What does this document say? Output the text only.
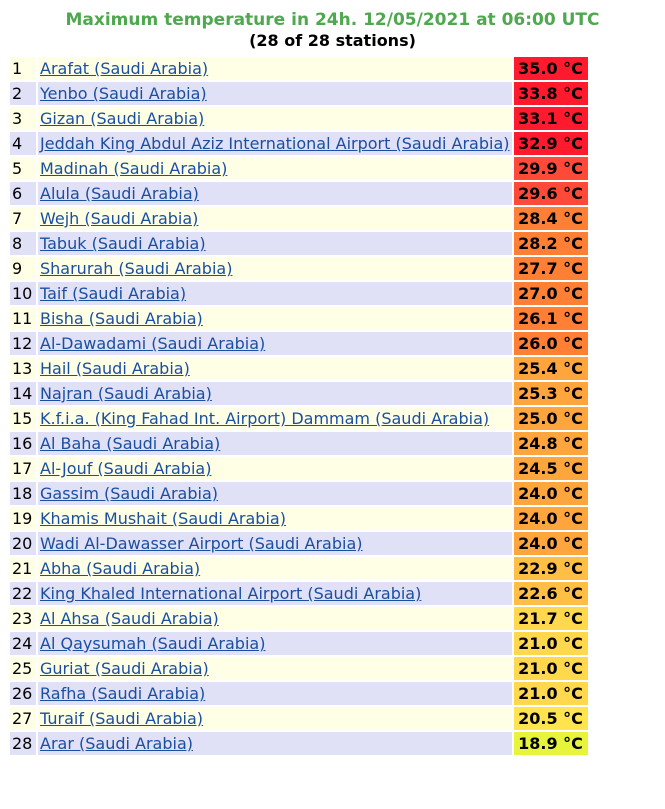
Maximum temperature in 24h. 12/05/2021 at 06:00 UTC
(28 of 28 stations)
1	Arafat (Saudi Arabia)	35.0 °C
2	Yenbo (Saudi Arabia)	33.8 °C
3	Gizan (Saudi Arabia)	33.1 °C
4	Jeddah King Abdul Aziz International Airport (Saudi Arabia)	32.9 °C
5	Madinah (Saudi Arabia)	29.9 °C
6	Alula (Saudi Arabia)	29.6 °C
7	Wejh (Saudi Arabia)	28.4 °C
8	Tabuk (Saudi Arabia)	28.2 °C
9	Sharurah (Saudi Arabia)	27.7 °C
10	Taif (Saudi Arabia)	27.0 °C
11	Bisha (Saudi Arabia)	26.1 °C
12	Al-Dawadami (Saudi Arabia)	26.0 °C
13	Hail (Saudi Arabia)	25.4 °C
14	Najran (Saudi Arabia)	25.3 °C
15	K.f.i.a. (King Fahad Int. Airport) Dammam (Saudi Arabia)	25.0 °C
16	Al Baha (Saudi Arabia)	24.8 °C
17	Al-Jouf (Saudi Arabia)	24.5 °C
18	Gassim (Saudi Arabia)	24.0 °C
19	Khamis Mushait (Saudi Arabia)	24.0 °C
20	Wadi Al-Dawasser Airport (Saudi Arabia)	24.0 °C
21	Abha (Saudi Arabia)	22.9 °C
22	King Khaled International Airport (Saudi Arabia)	22.6 °C
23	Al Ahsa (Saudi Arabia)	21.7 °C
24	Al Qaysumah (Saudi Arabia)	21.0 °C
25	Guriat (Saudi Arabia)	21.0 °C
26	Rafha (Saudi Arabia)	21.0 °C
27	Turaif (Saudi Arabia)	20.5 °C
28	Arar (Saudi Arabia)	18.9 °C
